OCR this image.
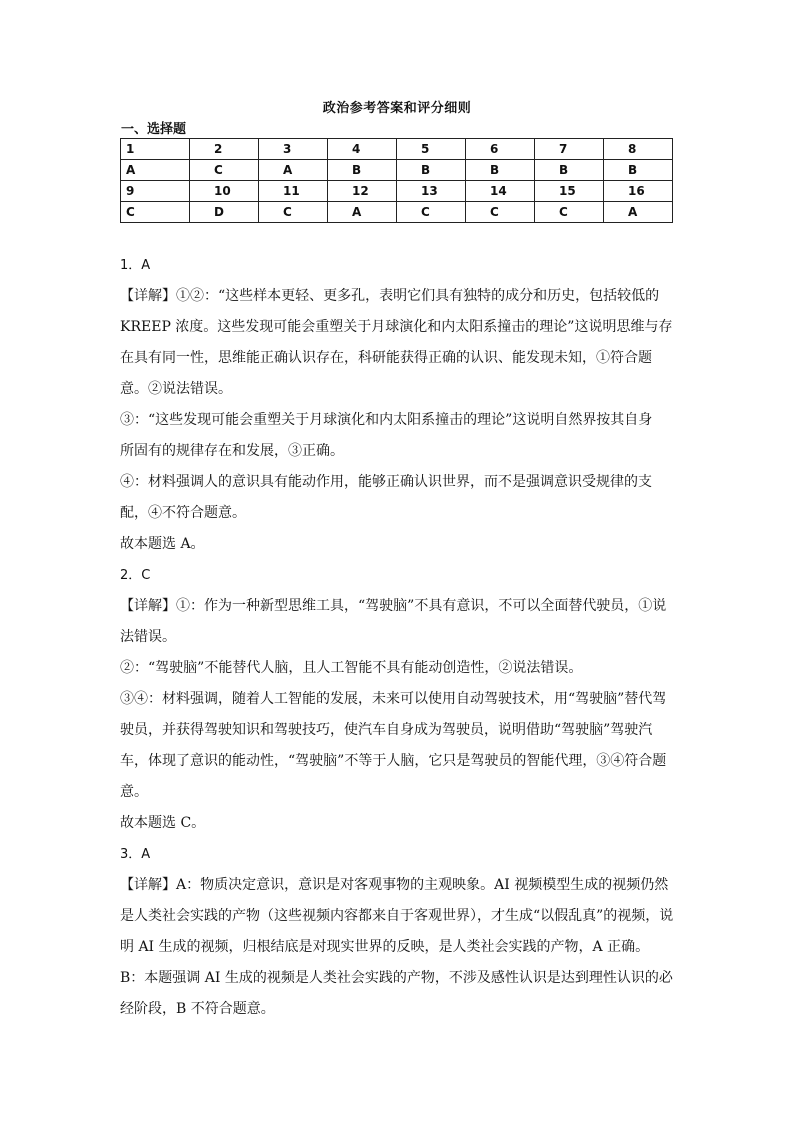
政治参考答案和评分细则
一、选择题
1	2	3	4	5	6	7	8

A	C	A	B	B	B	B	B

9	10	11	12	13	14	15	16

C	D	C	A	C	C	C	A

1．A

【详解】①②：“这些样本更轻、更多孔，表明它们具有独特的成分和历史，包括较低的

KREEP 浓度。这些发现可能会重塑关于月球演化和内太阳系撞击的理论”这说明思维与存

在具有同一性，思维能正确认识存在，科研能获得正确的认识、能发现未知，①符合题

意。②说法错误。

③：“这些发现可能会重塑关于月球演化和内太阳系撞击的理论”这说明自然界按其自身

所固有的规律存在和发展，③正确。

④：材料强调人的意识具有能动作用，能够正确认识世界，而不是强调意识受规律的支

配，④不符合题意。

故本题选 A。

2．C

【详解】①：作为一种新型思维工具，“驾驶脑”不具有意识，不可以全面替代驶员，①说

法错误。

②：“驾驶脑”不能替代人脑，且人工智能不具有能动创造性，②说法错误。

③④：材料强调，随着人工智能的发展，未来可以使用自动驾驶技术，用“驾驶脑”替代驾

驶员，并获得驾驶知识和驾驶技巧，使汽车自身成为驾驶员，说明借助“驾驶脑”驾驶汽

车，体现了意识的能动性，“驾驶脑”不等于人脑，它只是驾驶员的智能代理，③④符合题

意。

故本题选 C。

3．A

【详解】A：物质决定意识，意识是对客观事物的主观映象。AI 视频模型生成的视频仍然

是人类社会实践的产物（这些视频内容都来自于客观世界），才生成“以假乱真”的视频，说

明 AI 生成的视频，归根结底是对现实世界的反映，是人类社会实践的产物，A 正确。

B：本题强调 AI 生成的视频是人类社会实践的产物，不涉及感性认识是达到理性认识的必

经阶段，B 不符合题意。
